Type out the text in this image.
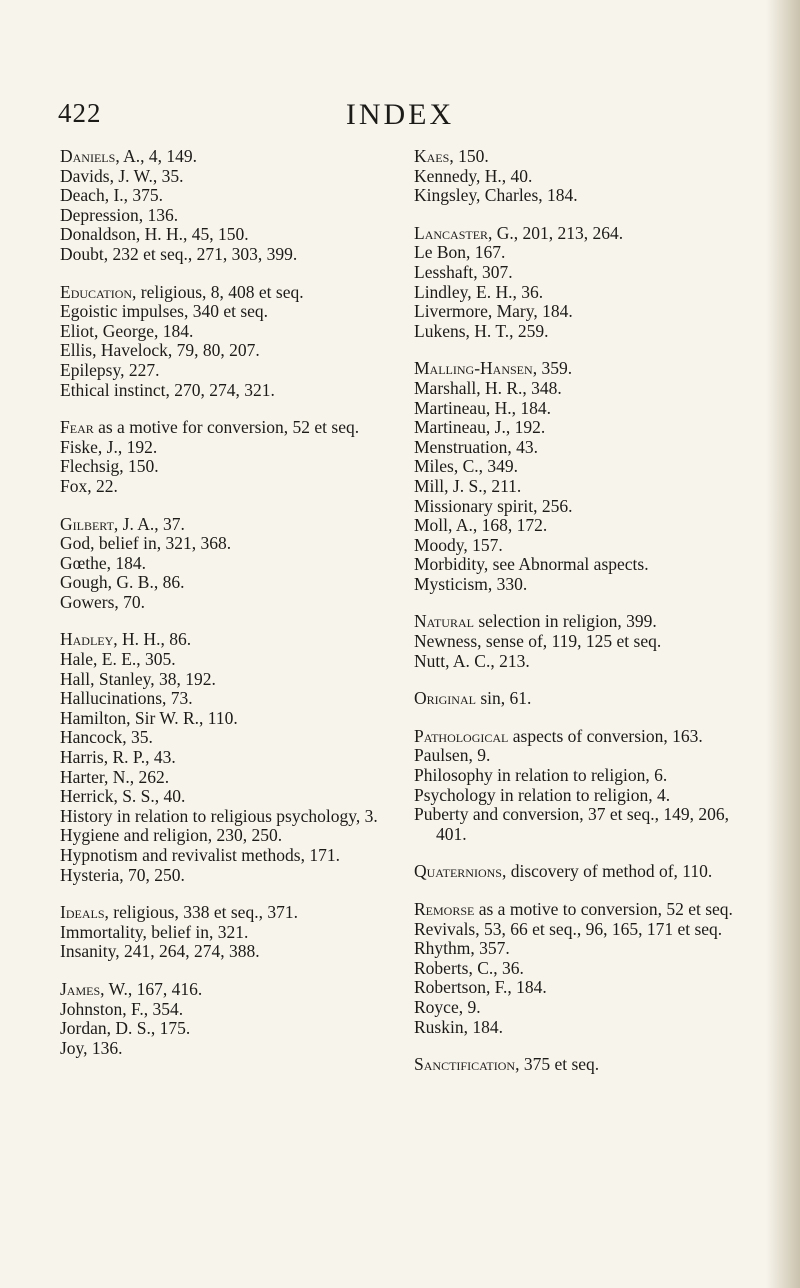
422	INDEX

Daniels, A., 4, 149.

Davids, J. W., 35.

Deach, I., 375.

Depression, 136.

Donaldson, H. H., 45, 150.

Doubt, 232 et seq., 271, 303, 399.

Education, religious, 8, 408 et seq.

Egoistic impulses, 340 et seq.

Eliot, George, 184.

Ellis, Havelock, 79, 80, 207.

Epilepsy, 227.

Ethical instinct, 270, 274, 321.

Fear as a motive for conversion, 52 et seq.

Fiske, J., 192.

Flechsig, 150.

Fox, 22.

Gilbert, J. A., 37.

God, belief in, 321, 368.

Gœthe, 184.

Gough, G. B., 86.

Gowers, 70.

Hadley, H. H., 86.

Hale, E. E., 305.

Hall, Stanley, 38, 192.

Hallucinations, 73.

Hamilton, Sir W. R., 110.

Hancock, 35.

Harris, R. P., 43.

Harter, N., 262.

Herrick, S. S., 40.

History in relation to religious psychology, 3.

Hygiene and religion, 230, 250.

Hypnotism and revivalist methods, 171.

Hysteria, 70, 250.

Ideals, religious, 338 et seq., 371.

Immortality, belief in, 321.

Insanity, 241, 264, 274, 388.

James, W., 167, 416.

Johnston, F., 354.

Jordan, D. S., 175.

Joy, 136.

Kaes, 150.

Kennedy, H., 40.

Kingsley, Charles, 184.

Lancaster, G., 201, 213, 264.

Le Bon, 167.

Lesshaft, 307.

Lindley, E. H., 36.

Livermore, Mary, 184.

Lukens, H. T., 259.

Malling-Hansen, 359.

Marshall, H. R., 348.

Martineau, H., 184.

Martineau, J., 192.

Menstruation, 43.

Miles, C., 349.

Mill, J. S., 211.

Missionary spirit, 256.

Moll, A., 168, 172.

Moody, 157.

Morbidity, see Abnormal aspects.

Mysticism, 330.

Natural selection in religion, 399.

Newness, sense of, 119, 125 et seq.

Nutt, A. C., 213.

Original sin, 61.

Pathological aspects of conversion, 163.

Paulsen, 9.

Philosophy in relation to religion, 6.

Psychology in relation to religion, 4.

Puberty and conversion, 37 et seq., 149, 206, 401.

Quaternions, discovery of method of, 110.

Remorse as a motive to conversion, 52 et seq.

Revivals, 53, 66 et seq., 96, 165, 171 et seq.

Rhythm, 357.

Roberts, C., 36.

Robertson, F., 184.

Royce, 9.

Ruskin, 184.

Sanctification, 375 et seq.
